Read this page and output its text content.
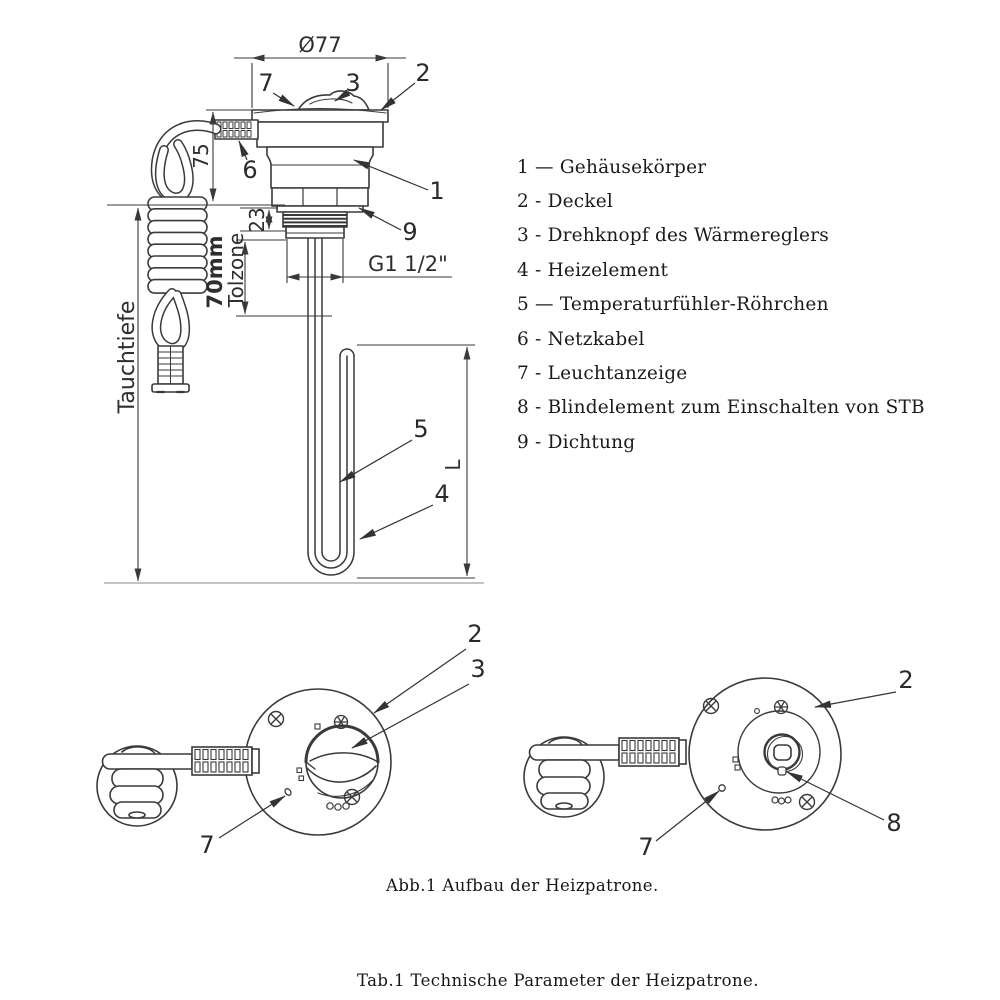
Ø77
75
23
70mm
Tolzone
Tauchtiefe
G1 1/2"
L
7	3 2
6
1
9
5
4
2
3
7
2
8
7
1 — Gehäusekörper
2 - Deckel
3 - Drehknopf des Wärmereglers
4 - Heizelement
5 — Temperaturfühler-Röhrchen
6 - Netzkabel
7 - Leuchtanzeige
8 - Blindelement zum Einschalten von STB
9 - Dichtung
Abb.1 Aufbau der Heizpatrone.
Tab.1 Technische Parameter der Heizpatrone.
